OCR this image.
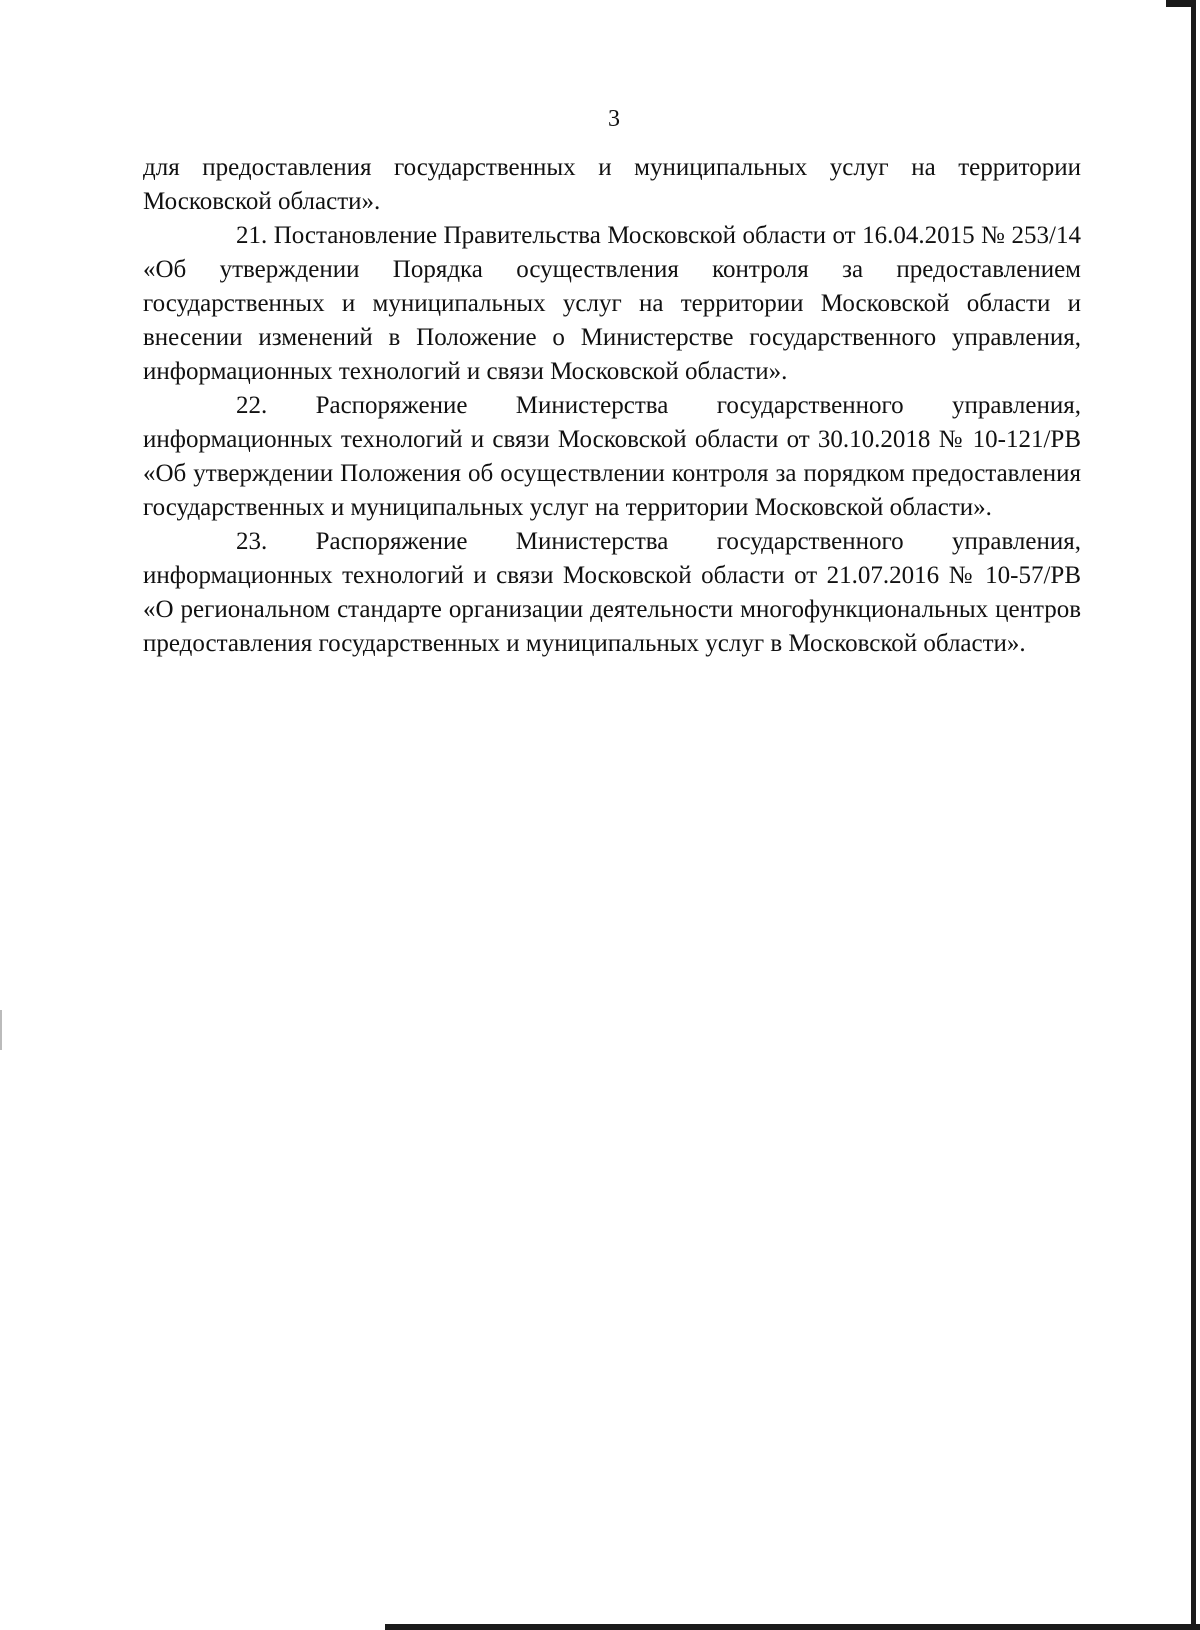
3

для предоставления государственных и муниципальных услуг на территории Московской области».

21. Постановление Правительства Московской области от 16.04.2015 № 253/14 «Об утверждении Порядка осуществления контроля за предоставлением государственных и муниципальных услуг на территории Московской области и внесении изменений в Положение о Министерстве государственного управления, информационных технологий и связи Московской области».

22. Распоряжение Министерства государственного управления, информационных технологий и связи Московской области от 30.10.2018 № 10-121/РВ «Об утверждении Положения об осуществлении контроля за порядком предоставления государственных и муниципальных услуг на территории Московской области».

23. Распоряжение Министерства государственного управления, информационных технологий и связи Московской области от 21.07.2016 № 10-57/РВ «О региональном стандарте организации деятельности многофункциональных центров предоставления государственных и муниципальных услуг в Московской области».
